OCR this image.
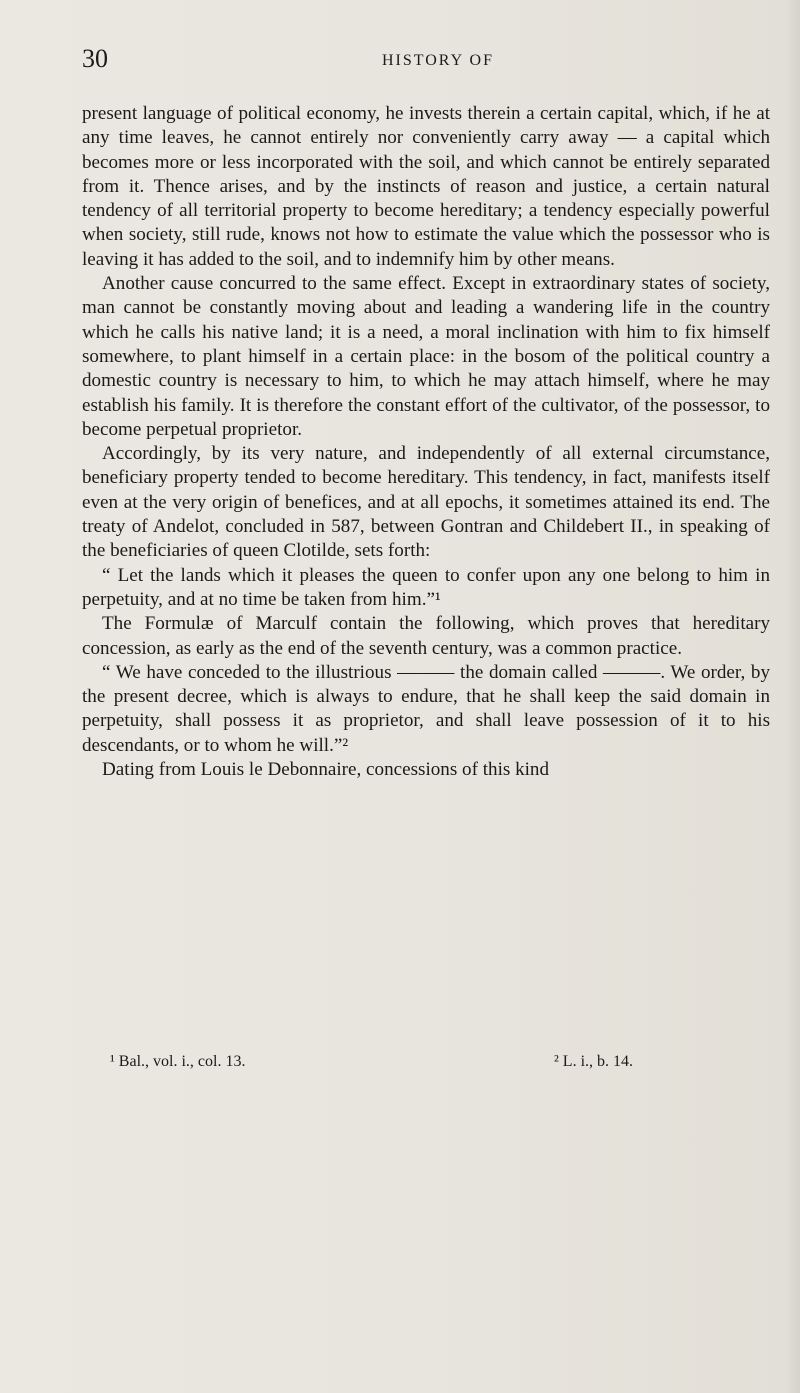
30	HISTORY OF

present language of political economy, he invests therein a certain capital, which, if he at any time leaves, he cannot entirely nor conveniently carry away — a capital which becomes more or less incorporated with the soil, and which cannot be entirely separated from it. Thence arises, and by the instincts of reason and justice, a certain natural tendency of all territorial property to become hereditary; a tendency especially powerful when society, still rude, knows not how to estimate the value which the possessor who is leaving it has added to the soil, and to indemnify him by other means.

Another cause concurred to the same effect. Except in extraordinary states of society, man cannot be constantly moving about and leading a wandering life in the country which he calls his native land; it is a need, a moral inclination with him to fix himself somewhere, to plant himself in a certain place: in the bosom of the political country a domestic country is necessary to him, to which he may attach himself, where he may establish his family. It is therefore the constant effort of the cultivator, of the possessor, to become perpetual proprietor.

Accordingly, by its very nature, and independently of all external circumstance, beneficiary property tended to become hereditary. This tendency, in fact, manifests itself even at the very origin of benefices, and at all epochs, it sometimes attained its end. The treaty of Andelot, concluded in 587, between Gontran and Childebert II., in speaking of the beneficiaries of queen Clotilde, sets forth:

“ Let the lands which it pleases the queen to confer upon any one belong to him in perpetuity, and at no time be taken from him.”¹

The Formulæ of Marculf contain the following, which proves that hereditary concession, as early as the end of the seventh century, was a common practice.

“ We have conceded to the illustrious ——— the domain called ———. We order, by the present decree, which is always to endure, that he shall keep the said domain in perpetuity, shall possess it as proprietor, and shall leave possession of it to his descendants, or to whom he will.”²

Dating from Louis le Debonnaire, concessions of this kind

¹ Bal., vol. i., col. 13.	² L. i., b. 14.
